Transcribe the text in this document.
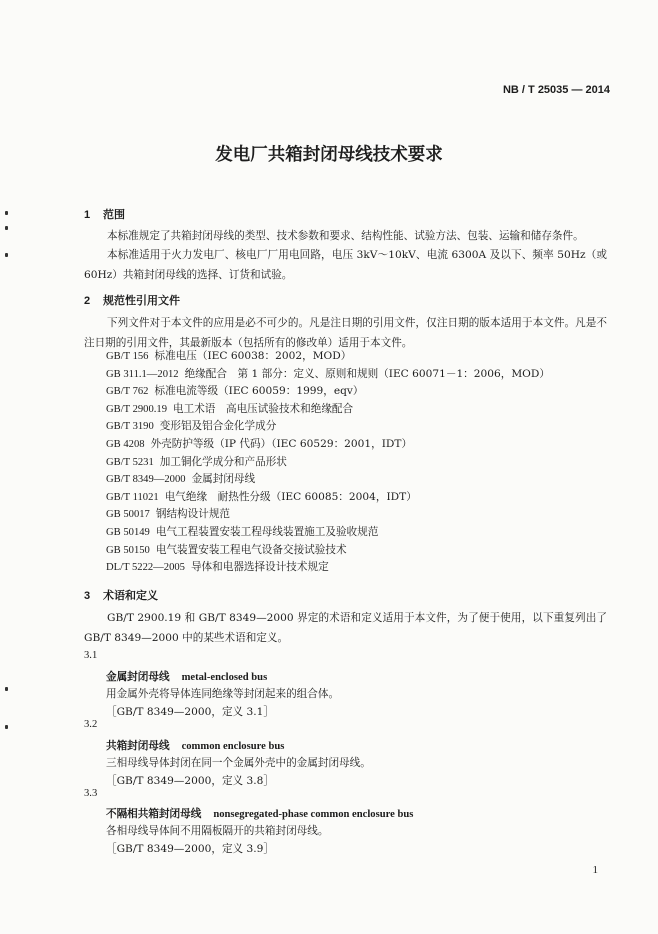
NB / T 25035 — 2014
发电厂共箱封闭母线技术要求
1 范围
本标准规定了共箱封闭母线的类型、技术参数和要求、结构性能、试验方法、包装、运输和储存条件。
本标准适用于火力发电厂、核电厂厂用电回路，电压 3kV～10kV、电流 6300A 及以下、频率 50Hz（或 60Hz）共箱封闭母线的选择、订货和试验。
2 规范性引用文件
下列文件对于本文件的应用是必不可少的。凡是注日期的引用文件，仅注日期的版本适用于本文件。凡是不注日期的引用文件，其最新版本（包括所有的修改单）适用于本文件。
GB/T 156 标准电压（IEC 60038：2002，MOD）
GB 311.1—2012 绝缘配合　第 1 部分：定义、原则和规则（IEC 60071－1：2006，MOD）
GB/T 762 标准电流等级（IEC 60059：1999，eqv）
GB/T 2900.19 电工术语　高电压试验技术和绝缘配合
GB/T 3190 变形铝及铝合金化学成分
GB 4208 外壳防护等级（IP 代码）（IEC 60529：2001，IDT）
GB/T 5231 加工铜化学成分和产品形状
GB/T 8349—2000 金属封闭母线
GB/T 11021 电气绝缘　耐热性分级（IEC 60085：2004，IDT）
GB 50017 钢结构设计规范
GB 50149 电气工程装置安装工程母线装置施工及验收规范
GB 50150 电气装置安装工程电气设备交接试验技术
DL/T 5222—2005 导体和电器选择设计技术规定
3 术语和定义
GB/T 2900.19 和 GB/T 8349—2000 界定的术语和定义适用于本文件，为了便于使用，以下重复列出了 GB/T 8349—2000 中的某些术语和定义。
3.1
金属封闭母线 metal-enclosed bus
用金属外壳将导体连同绝缘等封闭起来的组合体。
［GB/T 8349—2000，定义 3.1］
3.2
共箱封闭母线 common enclosure bus
三相母线导体封闭在同一个金属外壳中的金属封闭母线。
［GB/T 8349—2000，定义 3.8］
3.3
不隔相共箱封闭母线 nonsegregated-phase common enclosure bus
各相母线导体间不用隔板隔开的共箱封闭母线。
［GB/T 8349—2000，定义 3.9］
1
